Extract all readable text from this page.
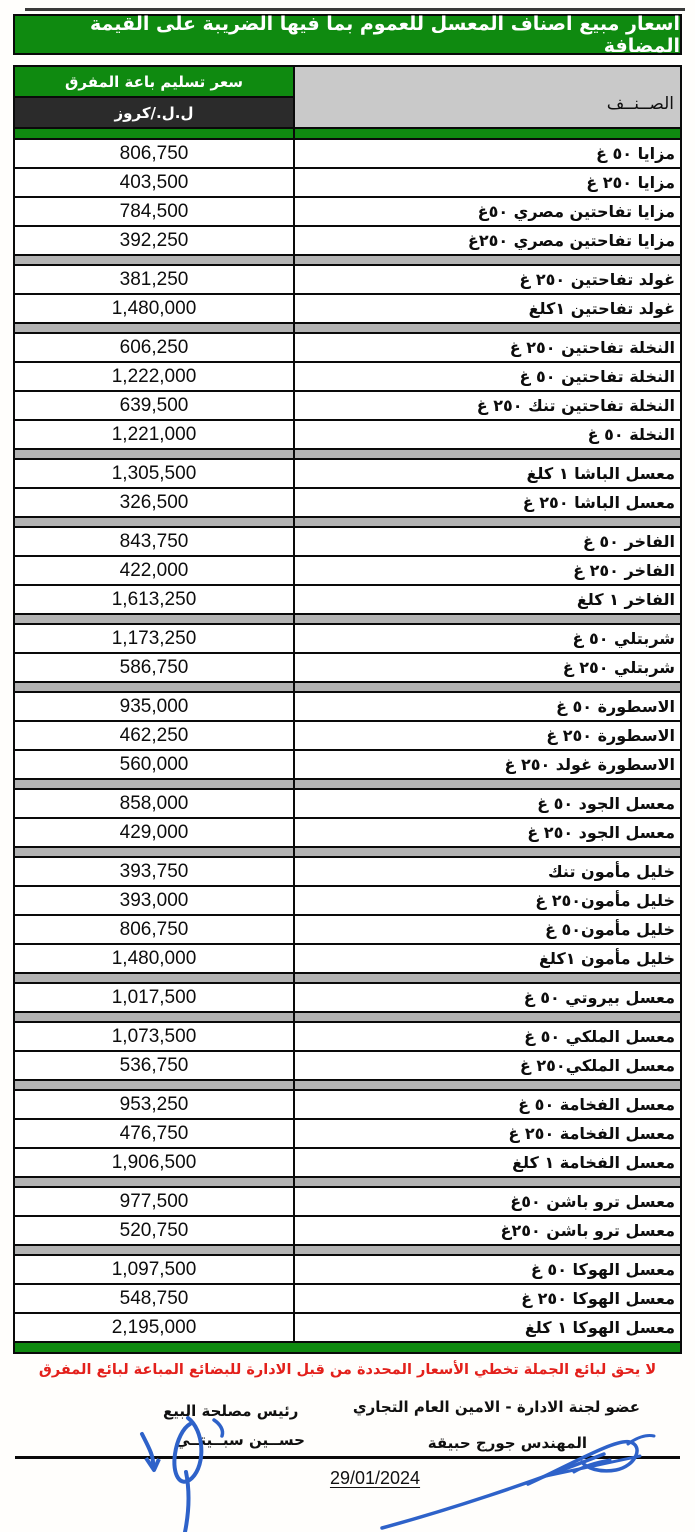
اسعار مبيع اصناف المعسل للعموم بما فيها الضريبة على القيمة المضافة
سعر تسليم باعة المفرق
ل.ل./كروز	الصــنــف
806,750	مزايا ٥٠ غ
403,500	مزايا ٢٥٠ غ
784,500	مزايا تفاحتين مصري ٥٠غ
392,250	مزايا تفاحتين مصري ٢٥٠غ
381,250	غولد تفاحتين ٢٥٠ غ
1,480,000	غولد تفاحتين ١كلغ
606,250	النخلة تفاحتين ٢٥٠ غ
1,222,000	النخلة تفاحتين ٥٠ غ
639,500	النخلة تفاحتين تنك ٢٥٠ غ
1,221,000	النخلة ٥٠ غ
1,305,500	معسل الباشا ١ كلغ
326,500	معسل الباشا ٢٥٠ غ
843,750	الفاخر ٥٠ غ
422,000	الفاخر ٢٥٠ غ
1,613,250	الفاخر ١ كلغ
1,173,250	شربتلي ٥٠ غ
586,750	شربتلي ٢٥٠ غ
935,000	الاسطورة ٥٠ غ
462,250	الاسطورة ٢٥٠ غ
560,000	الاسطورة غولد ٢٥٠ غ
858,000	معسل الجود ٥٠ غ
429,000	معسل الجود ٢٥٠ غ
393,750	خليل مأمون تنك
393,000	خليل مأمون٢٥٠ غ
806,750	خليل مأمون٥٠ غ
1,480,000	خليل مأمون ١كلغ
1,017,500	معسل بيروتي ٥٠ غ
1,073,500	معسل الملكي ٥٠ غ
536,750	معسل الملكي٢٥٠ غ
953,250	معسل الفخامة ٥٠ غ
476,750	معسل الفخامة ٢٥٠ غ
1,906,500	معسل الفخامة ١ كلغ
977,500	معسل ترو باشن ٥٠غ
520,750	معسل ترو باشن ٢٥٠غ
1,097,500	معسل الهوكا ٥٠ غ
548,750	معسل الهوكا ٢٥٠ غ
2,195,000	معسل الهوكا ١ كلغ
لا يحق لبائع الجملة تخطي الأسعار المحددة من قبل الادارة للبضائع المباعة لبائع المفرق
عضو لجنة الادارة - الامين العام التجاري
رئيس مصلحة البيع
المهندس جورج حبيقة
حســين سبــيتــي
29/01/2024
